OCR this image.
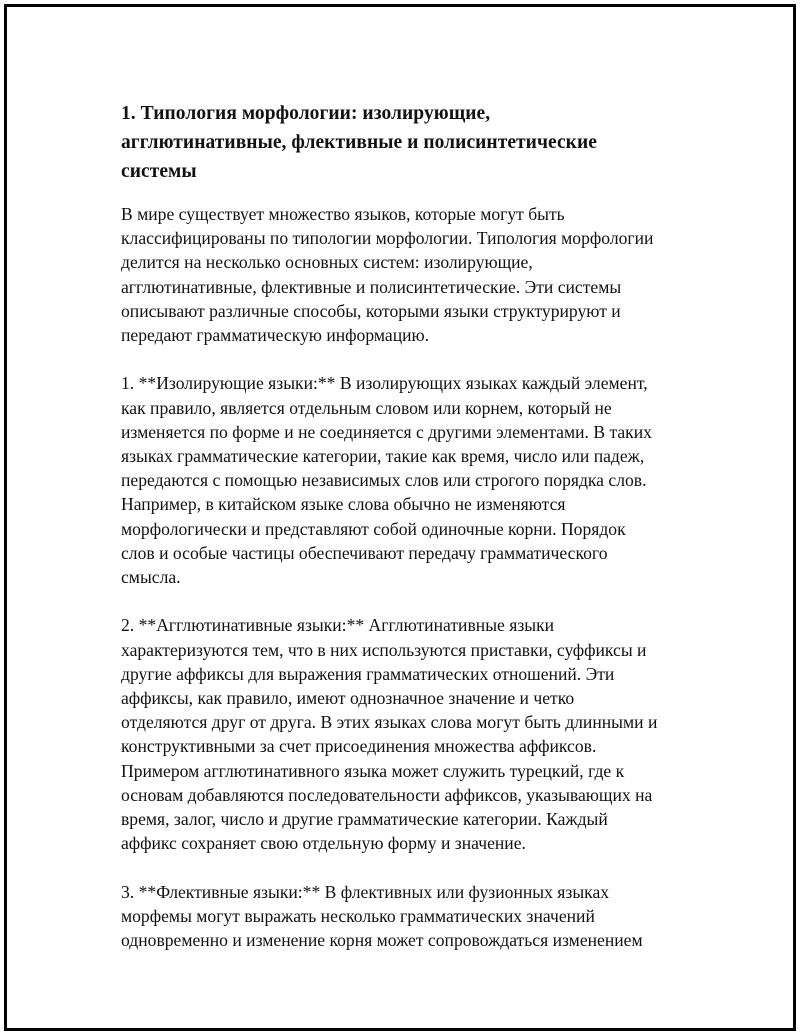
1. Типология морфологии: изолирующие,
агглютинативные, флективные и полисинтетические
системы
В мире существует множество языков, которые могут быть
классифицированы по типологии морфологии. Типология морфологии
делится на несколько основных систем: изолирующие,
агглютинативные, флективные и полисинтетические. Эти системы
описывают различные способы, которыми языки структурируют и
передают грамматическую информацию.
1. **Изолирующие языки:** В изолирующих языках каждый элемент,
как правило, является отдельным словом или корнем, который не
изменяется по форме и не соединяется с другими элементами. В таких
языках грамматические категории, такие как время, число или падеж,
передаются с помощью независимых слов или строгого порядка слов.
Например, в китайском языке слова обычно не изменяются
морфологически и представляют собой одиночные корни. Порядок
слов и особые частицы обеспечивают передачу грамматического
смысла.
2. **Агглютинативные языки:** Агглютинативные языки
характеризуются тем, что в них используются приставки, суффиксы и
другие аффиксы для выражения грамматических отношений. Эти
аффиксы, как правило, имеют однозначное значение и четко
отделяются друг от друга. В этих языках слова могут быть длинными и
конструктивными за счет присоединения множества аффиксов.
Примером агглютинативного языка может служить турецкий, где к
основам добавляются последовательности аффиксов, указывающих на
время, залог, число и другие грамматические категории. Каждый
аффикс сохраняет свою отдельную форму и значение.
3. **Флективные языки:** В флективных или фузионных языках
морфемы могут выражать несколько грамматических значений
одновременно и изменение корня может сопровождаться изменением
